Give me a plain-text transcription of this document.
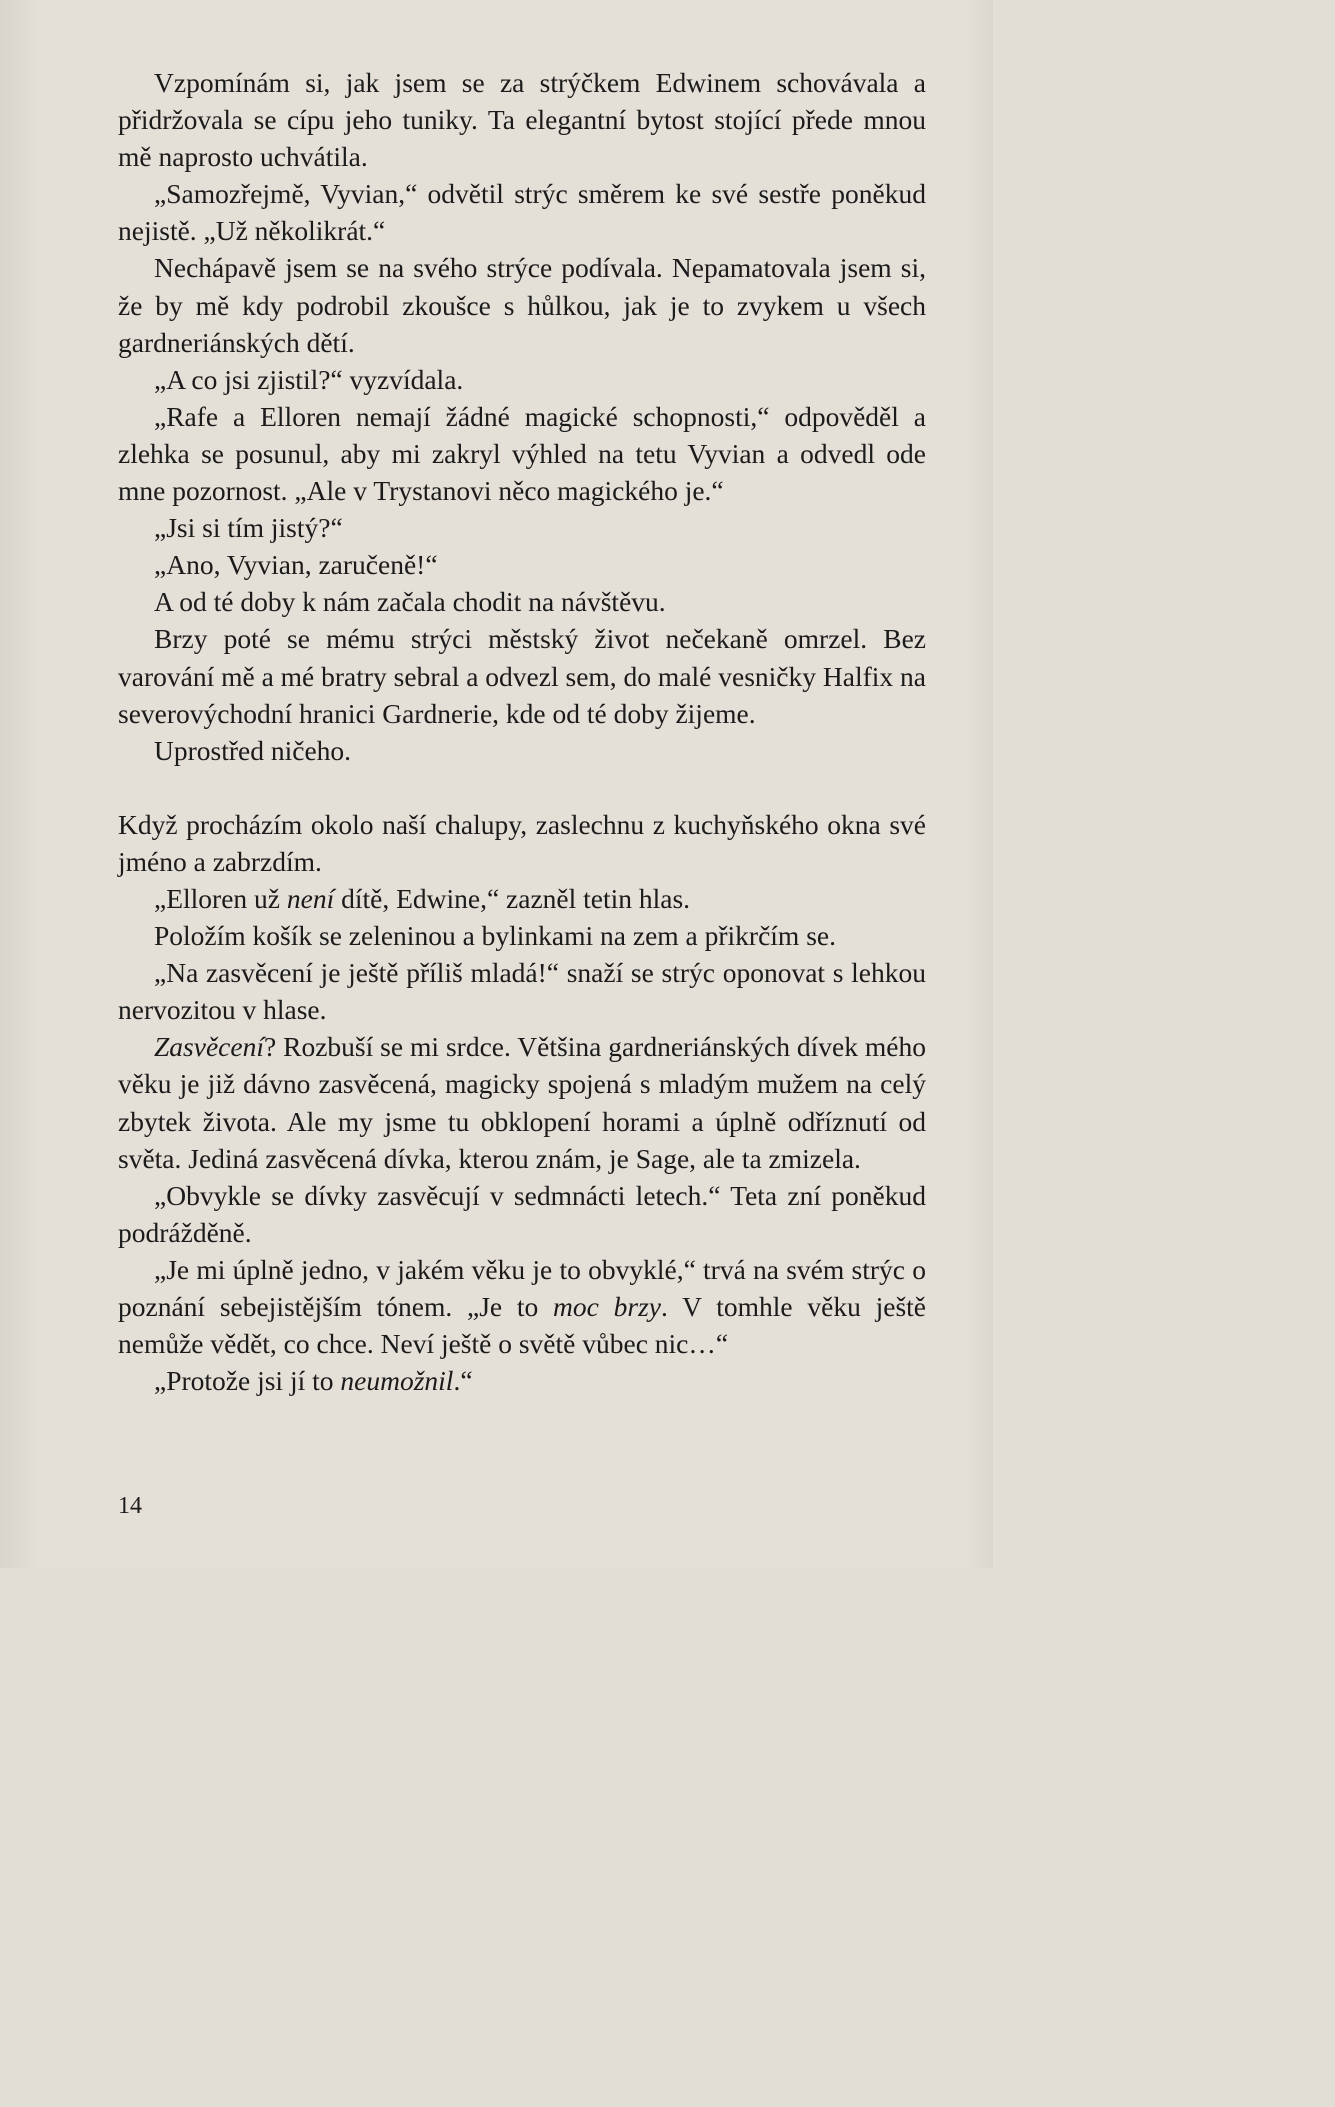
Vzpomínám si, jak jsem se za strýčkem Edwinem schovávala a přidržovala se cípu jeho tuniky. Ta elegantní bytost stojící přede mnou mě naprosto uchvátila.

„Samozřejmě, Vyvian,“ odvětil strýc směrem ke své sestře poněkud nejistě. „Už několikrát.“

Nechápavě jsem se na svého strýce podívala. Nepamatovala jsem si, že by mě kdy podrobil zkoušce s hůlkou, jak je to zvykem u všech gardneriánských dětí.

„A co jsi zjistil?“ vyzvídala.

„Rafe a Elloren nemají žádné magické schopnosti,“ odpověděl a zlehka se posunul, aby mi zakryl výhled na tetu Vyvian a odvedl ode mne pozornost. „Ale v Trystanovi něco magického je.“

„Jsi si tím jistý?“

„Ano, Vyvian, zaručeně!“

A od té doby k nám začala chodit na návštěvu.

Brzy poté se mému strýci městský život nečekaně omrzel. Bez varování mě a mé bratry sebral a odvezl sem, do malé vesničky Halfix na severovýchodní hranici Gardnerie, kde od té doby žijeme.

Uprostřed ničeho.

Když procházím okolo naší chalupy, zaslechnu z kuchyňského okna své jméno a zabrzdím.

„Elloren už není dítě, Edwine,“ zazněl tetin hlas.

Položím košík se zeleninou a bylinkami na zem a přikrčím se.

„Na zasvěcení je ještě příliš mladá!“ snaží se strýc oponovat s lehkou nervozitou v hlase.

Zasvěcení? Rozbuší se mi srdce. Většina gardneriánských dívek mého věku je již dávno zasvěcená, magicky spojená s mladým mužem na celý zbytek života. Ale my jsme tu obklopení horami a úplně odříznutí od světa. Jediná zasvěcená dívka, kterou znám, je Sage, ale ta zmizela.

„Obvykle se dívky zasvěcují v sedmnácti letech.“ Teta zní poněkud podrážděně.

„Je mi úplně jedno, v jakém věku je to obvyklé,“ trvá na svém strýc o poznání sebejistějším tónem. „Je to moc brzy. V tomhle věku ještě nemůže vědět, co chce. Neví ještě o světě vůbec nic…“

„Protože jsi jí to neumožnil.“

14
